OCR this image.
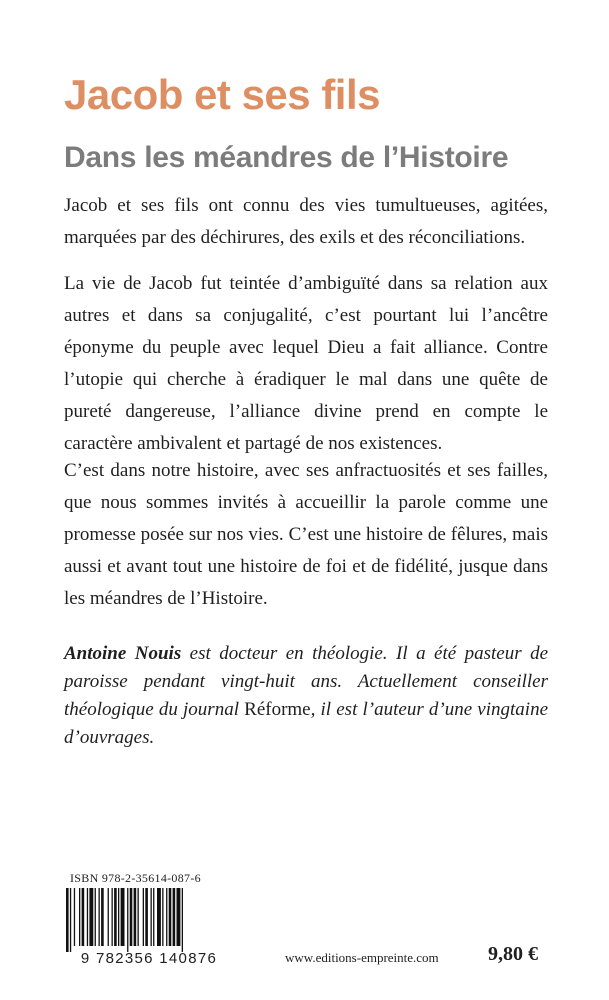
Jacob et ses fils
Dans les méandres de l’Histoire

Jacob et ses fils ont connu des vies tumultueuses, agitées, marquées par des déchirures, des exils et des réconciliations.

La vie de Jacob fut teintée d’ambiguïté dans sa relation aux autres et dans sa conjugalité, c’est pourtant lui l’ancêtre éponyme du peuple avec lequel Dieu a fait alliance. Contre l’utopie qui cherche à éradiquer le mal dans une quête de pureté dangereuse, l’alliance divine prend en compte le caractère ambivalent et partagé de nos existences.

C’est dans notre histoire, avec ses anfractuosités et ses failles, que nous sommes invités à accueillir la parole comme une promesse posée sur nos vies. C’est une histoire de fêlures, mais aussi et avant tout une histoire de foi et de fidélité, jusque dans les méandres de l’Histoire.

Antoine Nouis est docteur en théologie. Il a été pasteur de paroisse pendant vingt-huit ans. Actuellement conseiller théologique du journal Réforme, il est l’auteur d’une vingtaine d’ouvrages.

ISBN 978-2-35614-087-6
9 782356 140876	www.editions-empreinte.com 9,80 €
